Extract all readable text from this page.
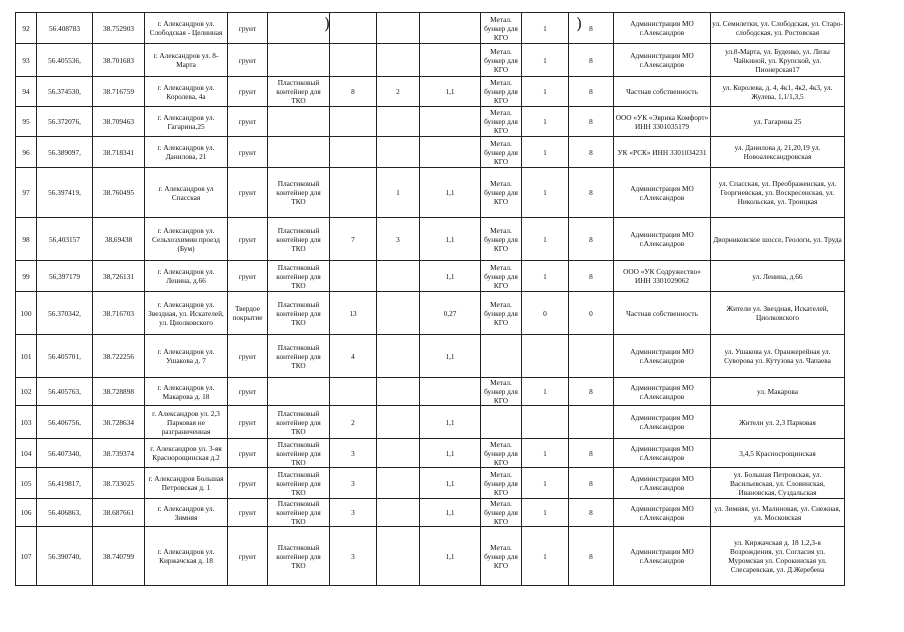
92	56.408783	38.752903	г. Александров ул. Слободская - Целинная	грунт					Метал. бункер для КГО	1	8	Администрация МО г.Александров	ул. Семилетки, ул. Слободская, ул. Старо-слободская, ул. Ростовская
93	56.405536,	38.701683	г. Александров ул. 8-Марта	грунт					Метал. бункер для КГО	1	8	Администрация МО г.Александров	ул.8-Марта, ул. Буденко, ул. Лизы Чайкиной, ул. Крупской, ул. Пионерская17
94	56.374530,	38.716759	г. Александров ул. Королева, 4а	грунт	Пластиковый контейнер для ТКО	8	2	1,1	Метал. бункер для КГО	1	8	Частная собственность	ул. Королева, д. 4, 4к1, 4к2, 4к3, ул. Жулева, 1,1/1,3,5
95	56.372076,	38.709463	г. Александров ул. Гагарина,25	грунт					Метал. бункер для КГО	1	8	ООО «УК «Эврика Комфорт» ИНН 3301035179	ул. Гагарина 25
96	56.389097,	38.718341	г. Александров ул. Данилова, 21	грунт					Метал. бункер для КГО	1	8	УК «РСК» ИНН 3301034231	ул. Данилова д. 21,20,19 ул. Новоалександровская
97	56.397419,	38.760495	г. Александров ул Спасская	грунт	Пластиковый контейнер для ТКО		1	1,1	Метал. бункер для КГО	1	8	Администрация МО г.Александров	ул. Спасская, ул. Преображенская, ул. Георгиевская, ул. Воскресенская, ул. Никольская, ул. Троицкая
98	56,403157	38,69438	г. Александров ул. Сельхозхимии проезд (Бум)	грунт	Пластиковый контейнер для ТКО	7	3	1,1	Метал. бункер для КГО	1	8	Администрация МО г.Александров	Дворниковское шоссе, Геологи, ул. Труда
99	56,397179	38,726131	г. Александров ул. Ленина, д.66	грунт	Пластиковый контейнер для ТКО			1,1	Метал. бункер для КГО	1	8	ООО «УК Содружество» ИНН 3301029062	ул. Ленина, д.66
100	56.370342,	38.716703	г. Александров ул. Звездная, ул. Искателей, ул. Циолковского	Твердое покрытие	Пластиковый контейнер для ТКО	13		0,27	Метал. бункер для КГО	0	0	Частная собственность	Жители ул. Звездная, Искателей, Циолковского
101	56.405701,	38.722256	г. Александров ул. Ушакова д. 7	грунт	Пластиковый контейнер для ТКО	4		1,1				Администрация МО г.Александров	ул. Ушакова ул. Оранжерейная ул. Суворова ул. Кутузова ул. Чапаева
102	56.405763,	38.728898	г. Александров ул. Макарова д. 18	грунт					Метал. бункер для КГО	1	8	Администрация МО г.Александров	ул. Макарова
103	56.406756,	38.728634	г. Александров ул. 2,3 Парковая не разграниченная	грунт	Пластиковый контейнер для ТКО	2		1,1				Администрация МО г.Александров	Жители ул. 2,3 Парковая
104	56.407340,	38.739374	г. Александров ул. 3-яя Краснорощинская д.2	грунт	Пластиковый контейнер для ТКО	3		1,1	Метал. бункер для КГО	1	8	Администрация МО г.Александров	3,4,5 Красносрощинская
105	56.419817,	38.733025	г. Александров Большая Петровская д. 1	грунт	Пластиковый контейнер для ТКО	3		1,1	Метал. бункер для КГО	1	8	Администрация МО г.Александров	ул. Большая Петровская, ул. Васильевская, ул. Словинская, Ивановская, Суздальская
106	56.406863,	38.687661	г. Александров ул. Зимняя	грунт	Пластиковый контейнер для ТКО	3		1,1	Метал. бункер для КГО	1	8	Администрация МО г.Александров	ул. Зимняя, ул. Малиновая, ул. Снежная, ул. Московская
107	56.390740,	38.740799	г. Александров ул. Киржачская д. 18	грунт	Пластиковый контейнер для ТКО	3		1,1	Метал. бункер для КГО	1	8	Администрация МО г.Александров	ул. Киржачская д. 18 1,2,3-я Возрождения, ул. Согласия ул. Муромская ул. Сорокинская ул. Слесаревская, ул. Д.Жеребена
)	)
